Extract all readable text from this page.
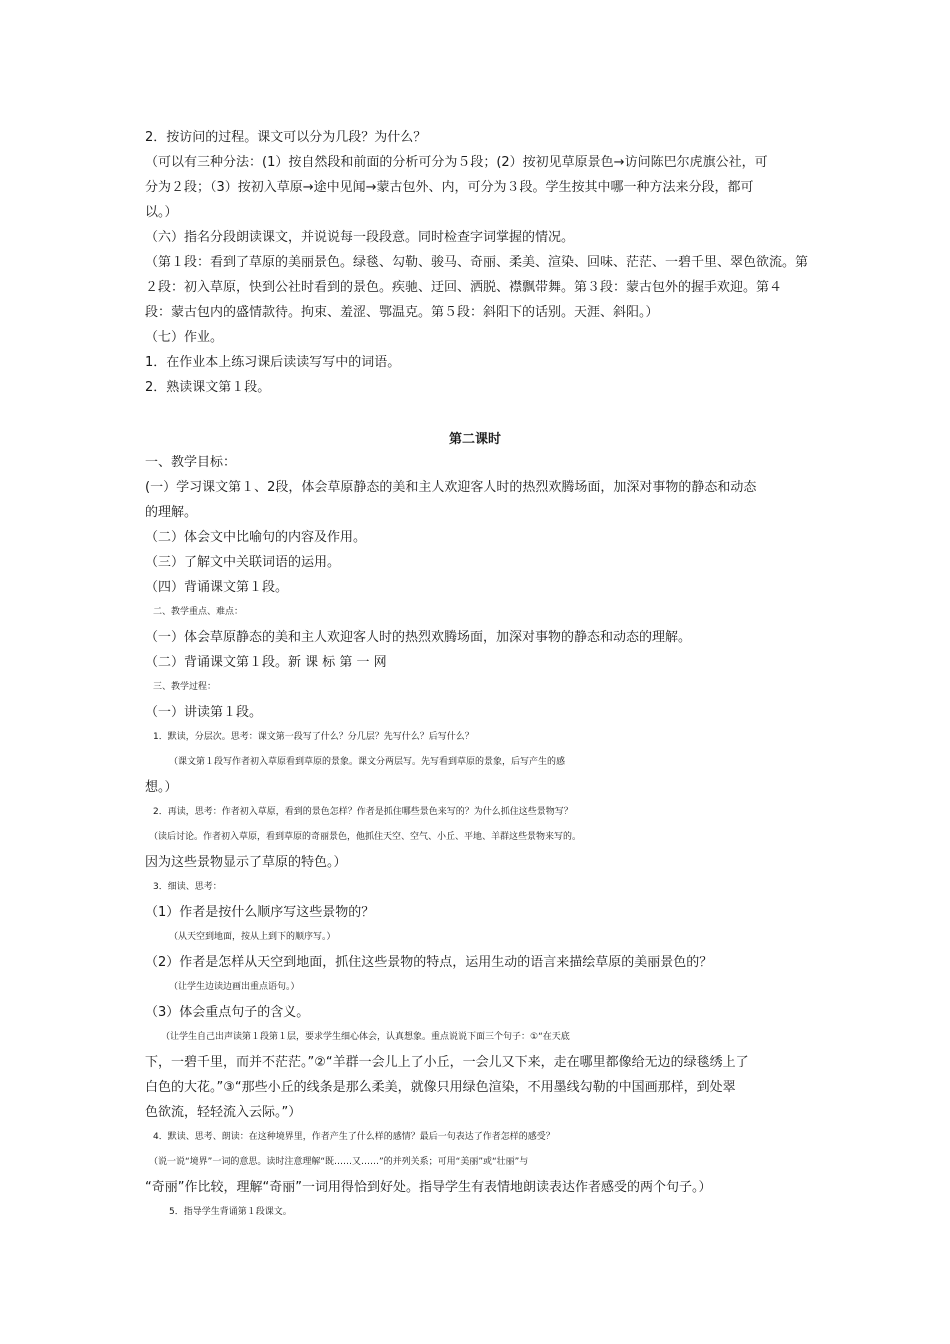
2．按访问的过程。课文可以分为几段？为什么？
（可以有三种分法：(1）按自然段和前面的分析可分为５段；(2）按初见草原景色→访问陈巴尔虎旗公社，可
分为２段；（3）按初入草原→途中见闻→蒙古包外、内，可分为３段。学生按其中哪一种方法来分段，都可
以。）
（六）指名分段朗读课文，并说说每一段段意。同时检查字词掌握的情况。
（第１段：看到了草原的美丽景色。绿毯、勾勒、骏马、奇丽、柔美、渲染、回味、茫茫、一碧千里、翠色欲流。第
２段：初入草原，快到公社时看到的景色。疾驰、迂回、洒脱、襟飘带舞。第３段：蒙古包外的握手欢迎。第４
段：蒙古包内的盛情款待。拘束、羞涩、鄂温克。第５段：斜阳下的话别。天涯、斜阳。）
（七）作业。
1．在作业本上练习课后读读写写中的词语。
2．熟读课文第１段。
第二课时
一、教学目标：
(一）学习课文第１、2段，体会草原静态的美和主人欢迎客人时的热烈欢腾场面，加深对事物的静态和动态
的理解。
（二）体会文中比喻句的内容及作用。
（三）了解文中关联词语的运用。
（四）背诵课文第１段。
二、教学重点、难点：
（一）体会草原静态的美和主人欢迎客人时的热烈欢腾场面，加深对事物的静态和动态的理解。
（二）背诵课文第１段。新 课 标 第 一 网
三、教学过程：
（一）讲读第１段。
1．默读，分层次。思考：课文第一段写了什么？分几层？先写什么？后写什么？
（课文第１段写作者初入草原看到草原的景象。课文分两层写。先写看到草原的景象，后写产生的感
想。）
2．再读，思考：作者初入草原，看到的景色怎样？作者是抓住哪些景色来写的？为什么抓住这些景物写？
（读后讨论。作者初入草原，看到草原的奇丽景色，他抓住天空、空气、小丘、平地、羊群这些景物来写的。
因为这些景物显示了草原的特色。）
3．细读、思考：
（1）作者是按什么顺序写这些景物的？
（从天空到地面，按从上到下的顺序写。）
（2）作者是怎样从天空到地面，抓住这些景物的特点，运用生动的语言来描绘草原的美丽景色的？
（让学生边读边画出重点语句。）
（3）体会重点句子的含义。
（让学生自己出声读第１段第１层，要求学生细心体会，认真想象。重点说说下面三个句子：①“在天底
下，一碧千里，而并不茫茫。”②“羊群一会儿上了小丘，一会儿又下来，走在哪里都像给无边的绿毯绣上了
白色的大花。”③“那些小丘的线条是那么柔美，就像只用绿色渲染，不用墨线勾勒的中国画那样，到处翠
色欲流，轻轻流入云际。”）
4．默读、思考、朗读：在这种境界里，作者产生了什么样的感情？最后一句表达了作者怎样的感受？
（说一说“境界”一词的意思。读时注意理解“既……又……”的并列关系；可用“美丽”或“壮丽”与
“奇丽”作比较，理解“奇丽”一词用得恰到好处。指导学生有表情地朗读表达作者感受的两个句子。）
5．指导学生背诵第１段课文。
